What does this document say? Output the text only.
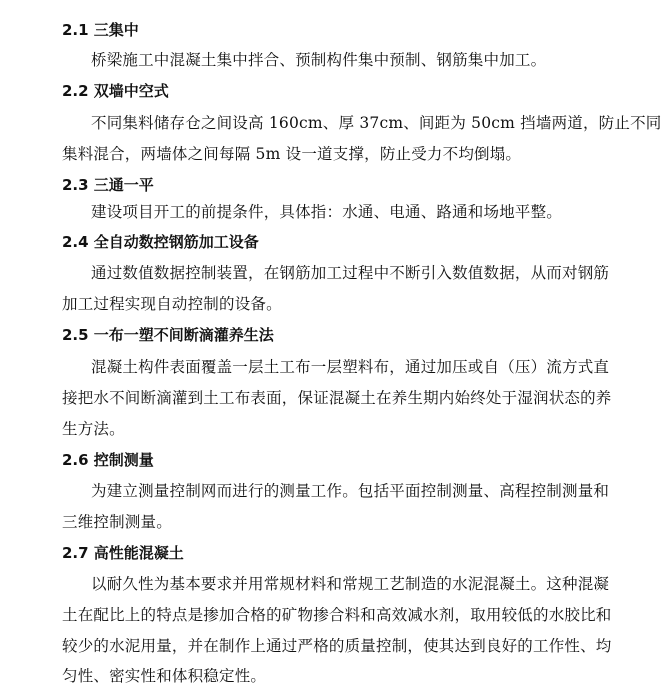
2.1 三集中
桥梁施工中混凝土集中拌合、预制构件集中预制、钢筋集中加工。
2.2 双墙中空式
不同集料储存仓之间设高 160cm、厚 37cm、间距为 50cm 挡墙两道，防止不同
集料混合，两墙体之间每隔 5m 设一道支撑，防止受力不均倒塌。
2.3 三通一平
建设项目开工的前提条件，具体指：水通、电通、路通和场地平整。
2.4 全自动数控钢筋加工设备
通过数值数据控制装置，在钢筋加工过程中不断引入数值数据，从而对钢筋
加工过程实现自动控制的设备。
2.5 一布一塑不间断滴灌养生法
混凝土构件表面覆盖一层土工布一层塑料布，通过加压或自（压）流方式直
接把水不间断滴灌到土工布表面，保证混凝土在养生期内始终处于湿润状态的养
生方法。
2.6 控制测量
为建立测量控制网而进行的测量工作。包括平面控制测量、高程控制测量和
三维控制测量。
2.7 高性能混凝土
以耐久性为基本要求并用常规材料和常规工艺制造的水泥混凝土。这种混凝
土在配比上的特点是掺加合格的矿物掺合料和高效减水剂，取用较低的水胶比和
较少的水泥用量，并在制作上通过严格的质量控制，使其达到良好的工作性、均
匀性、密实性和体积稳定性。
